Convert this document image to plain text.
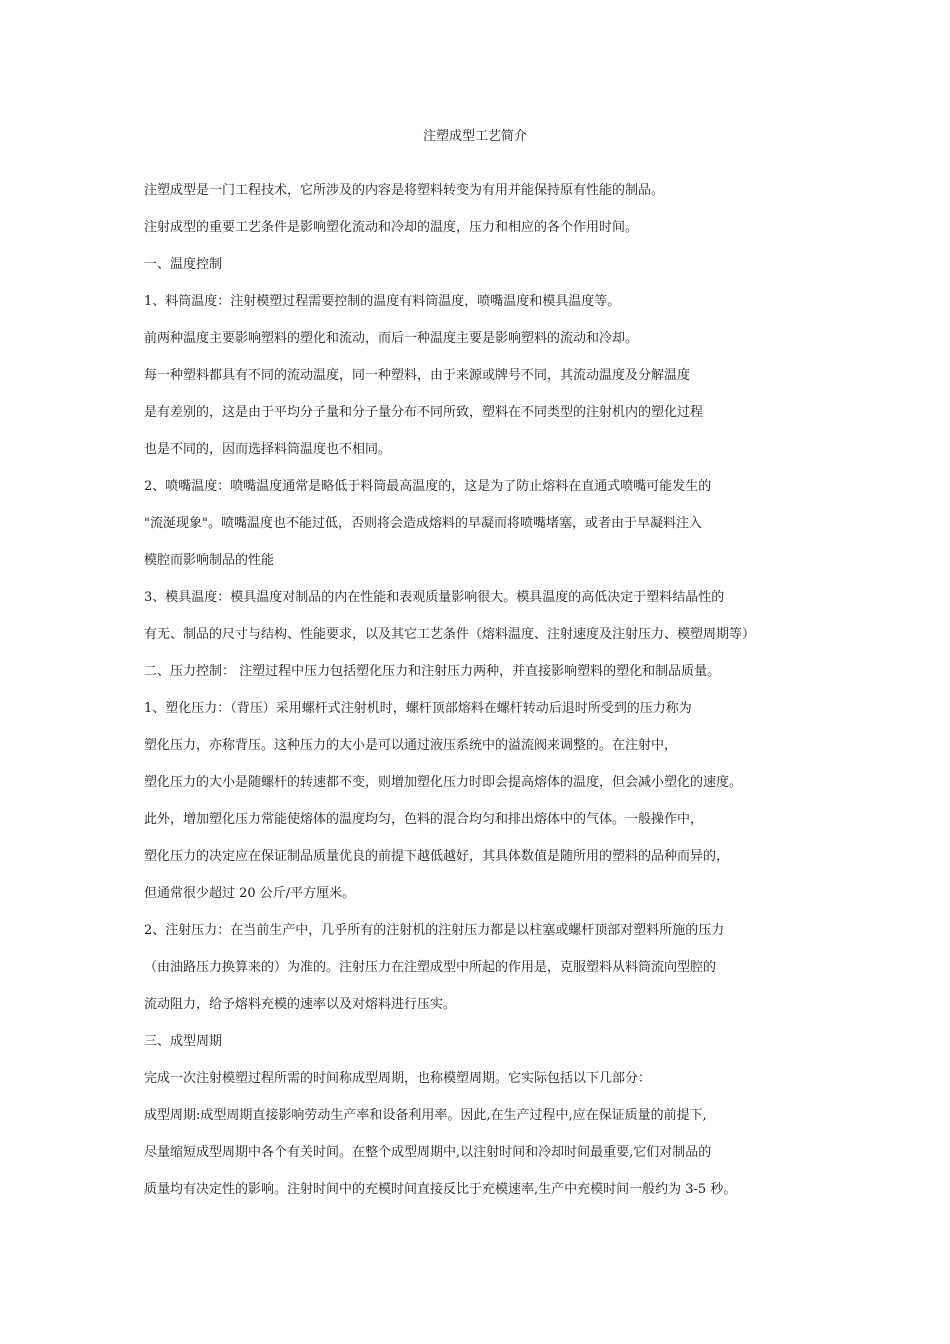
注塑成型工艺简介
注塑成型是一门工程技术，它所涉及的内容是将塑料转变为有用并能保持原有性能的制品。
注射成型的重要工艺条件是影响塑化流动和冷却的温度，压力和相应的各个作用时间。
一、温度控制
1、料筒温度：注射模塑过程需要控制的温度有料筒温度，喷嘴温度和模具温度等。
前两种温度主要影响塑料的塑化和流动，而后一种温度主要是影响塑料的流动和冷却。
每一种塑料都具有不同的流动温度，同一种塑料，由于来源或牌号不同，其流动温度及分解温度
是有差别的，这是由于平均分子量和分子量分布不同所致，塑料在不同类型的注射机内的塑化过程
也是不同的，因而选择料筒温度也不相同。
2、喷嘴温度：喷嘴温度通常是略低于料筒最高温度的，这是为了防止熔料在直通式喷嘴可能发生的
"流涎现象"。喷嘴温度也不能过低，否则将会造成熔料的早凝而将喷嘴堵塞，或者由于早凝料注入
模腔而影响制品的性能
3、模具温度：模具温度对制品的内在性能和表观质量影响很大。模具温度的高低决定于塑料结晶性的
有无、制品的尺寸与结构、性能要求，以及其它工艺条件（熔料温度、注射速度及注射压力、模塑周期等）
二、压力控制： 注塑过程中压力包括塑化压力和注射压力两种，并直接影响塑料的塑化和制品质量。
1、塑化压力：（背压）采用螺杆式注射机时，螺杆顶部熔料在螺杆转动后退时所受到的压力称为
塑化压力，亦称背压。这种压力的大小是可以通过液压系统中的溢流阀来调整的。在注射中，
塑化压力的大小是随螺杆的转速都不变，则增加塑化压力时即会提高熔体的温度，但会减小塑化的速度。
此外，增加塑化压力常能使熔体的温度均匀，色料的混合均匀和排出熔体中的气体。一般操作中，
塑化压力的决定应在保证制品质量优良的前提下越低越好，其具体数值是随所用的塑料的品种而异的，
但通常很少超过 20 公斤/平方厘米。
2、注射压力：在当前生产中，几乎所有的注射机的注射压力都是以柱塞或螺杆顶部对塑料所施的压力
（由油路压力换算来的）为准的。注射压力在注塑成型中所起的作用是，克服塑料从料筒流向型腔的
流动阻力，给予熔料充模的速率以及对熔料进行压实。
三、成型周期
完成一次注射模塑过程所需的时间称成型周期，也称模塑周期。它实际包括以下几部分：
成型周期:成型周期直接影响劳动生产率和设备利用率。因此,在生产过程中,应在保证质量的前提下,
尽量缩短成型周期中各个有关时间。在整个成型周期中,以注射时间和冷却时间最重要,它们对制品的
质量均有决定性的影响。注射时间中的充模时间直接反比于充模速率,生产中充模时间一般约为 3-5 秒。
